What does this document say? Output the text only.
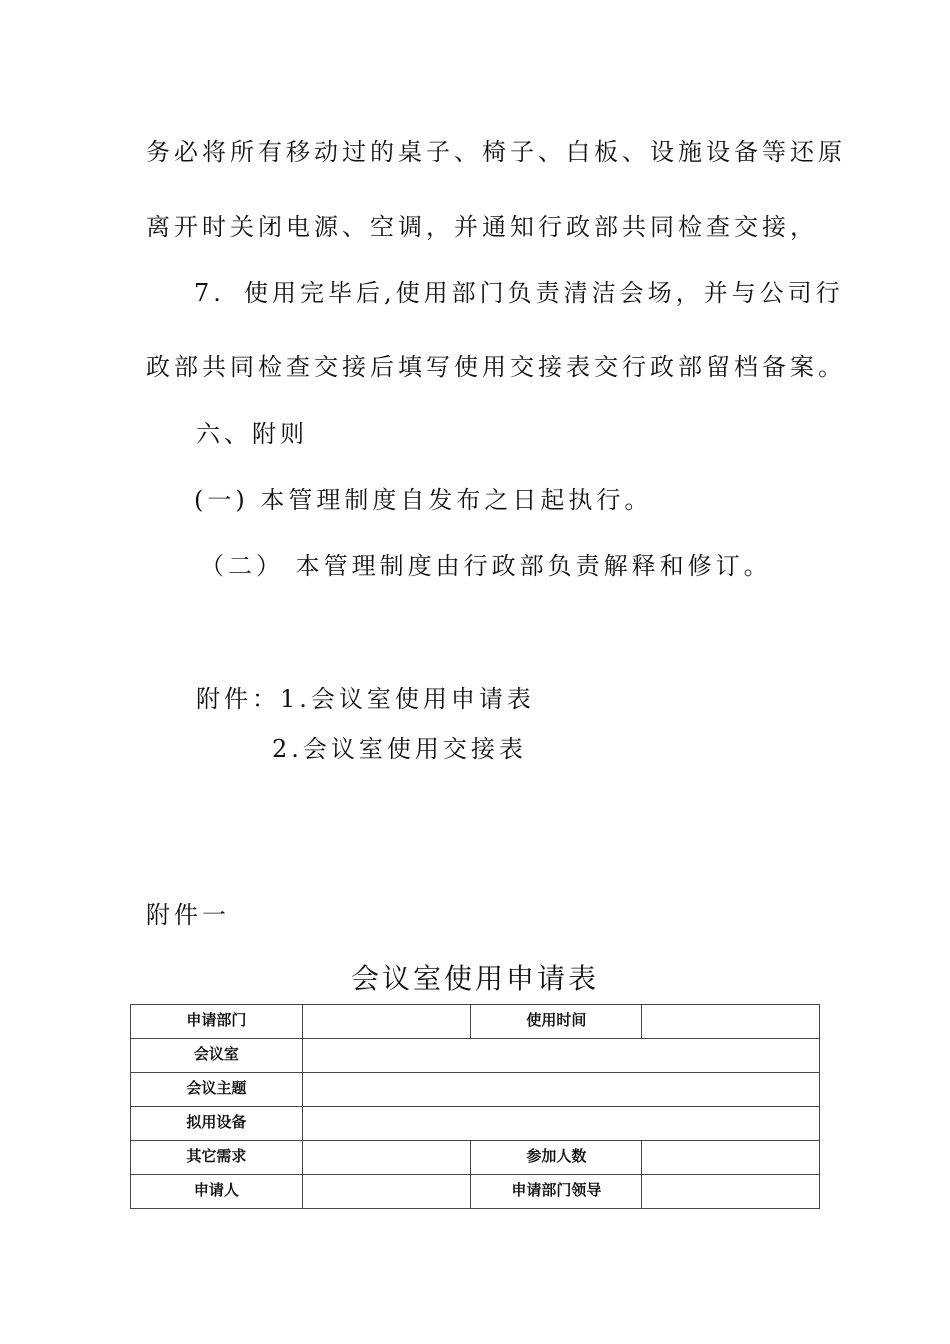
务必将所有移动过的桌子、椅子、白板、设施设备等还原
离开时关闭电源、空调，并通知行政部共同检查交接，
7. 使用完毕后,使用部门负责清洁会场，并与公司行
政部共同检查交接后填写使用交接表交行政部留档备案。
六、附则
(一) 本管理制度自发布之日起执行。
（二） 本管理制度由行政部负责解释和修订。
附件：1.会议室使用申请表
2.会议室使用交接表
附件一
会议室使用申请表
申请部门		使用时间	
会议室			
会议主题			
拟用设备			
其它需求		参加人数	
申请人		申请部门领导	
